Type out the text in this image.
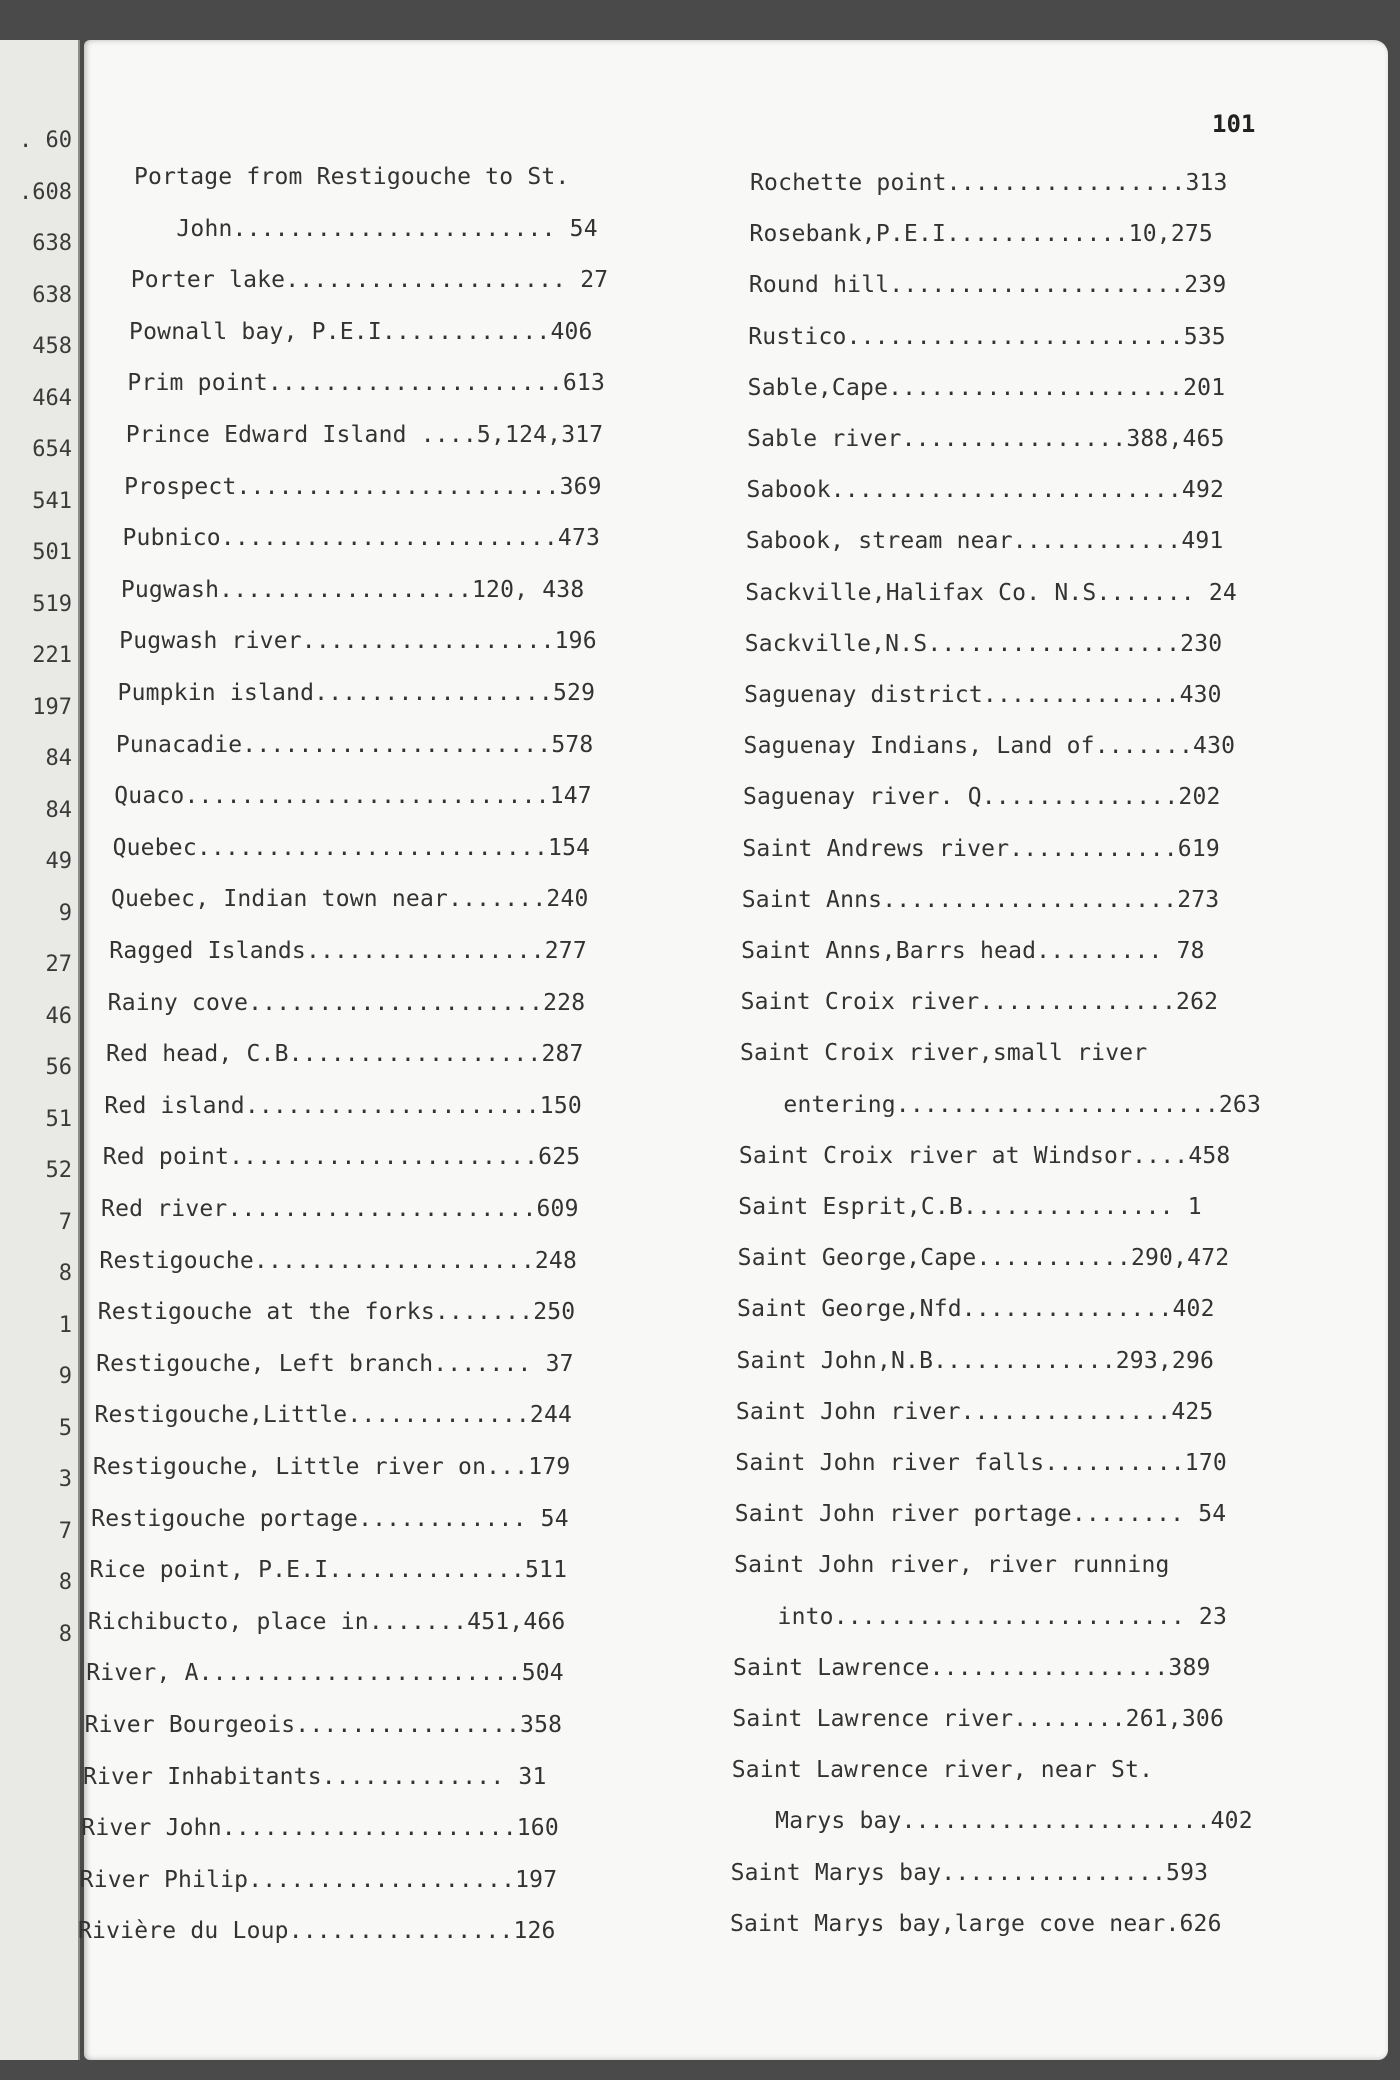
. 60
.608
638
638
458
464
654
541
501
519
221
197
84
84
49
9
27
46
56
51
52
7
8
1
9
5
3
7
8
8
101
Portage from Restigouche to St.
John....................... 54
Porter lake.................... 27
Pownall bay, P.E.I............406
Prim point.....................613
Prince Edward Island ....5,124,317
Prospect.......................369
Pubnico........................473
Pugwash..................120, 438
Pugwash river..................196
Pumpkin island.................529
Punacadie......................578
Quaco..........................147
Quebec.........................154
Quebec, Indian town near.......240
Ragged Islands.................277
Rainy cove.....................228
Red head, C.B..................287
Red island.....................150
Red point......................625
Red river......................609
Restigouche....................248
Restigouche at the forks.......250
Restigouche, Left branch....... 37
Restigouche,Little.............244
Restigouche, Little river on...179
Restigouche portage............ 54
Rice point, P.E.I..............511
Richibucto, place in.......451,466
River, A.......................504
River Bourgeois................358
River Inhabitants............. 31
River John.....................160
River Philip...................197
Rivière du Loup................126
Rochette point.................313
Rosebank,P.E.I.............10,275
Round hill.....................239
Rustico........................535
Sable,Cape.....................201
Sable river................388,465
Sabook.........................492
Sabook, stream near............491
Sackville,Halifax Co. N.S....... 24
Sackville,N.S..................230
Saguenay district..............430
Saguenay Indians, Land of.......430
Saguenay river. Q..............202
Saint Andrews river............619
Saint Anns.....................273
Saint Anns,Barrs head......... 78
Saint Croix river..............262
Saint Croix river,small river
entering.......................263
Saint Croix river at Windsor....458
Saint Esprit,C.B............... 1
Saint George,Cape...........290,472
Saint George,Nfd...............402
Saint John,N.B.............293,296
Saint John river...............425
Saint John river falls..........170
Saint John river portage........ 54
Saint John river, river running
into......................... 23
Saint Lawrence.................389
Saint Lawrence river........261,306
Saint Lawrence river, near St.
Marys bay......................402
Saint Marys bay................593
Saint Marys bay,large cove near.626
